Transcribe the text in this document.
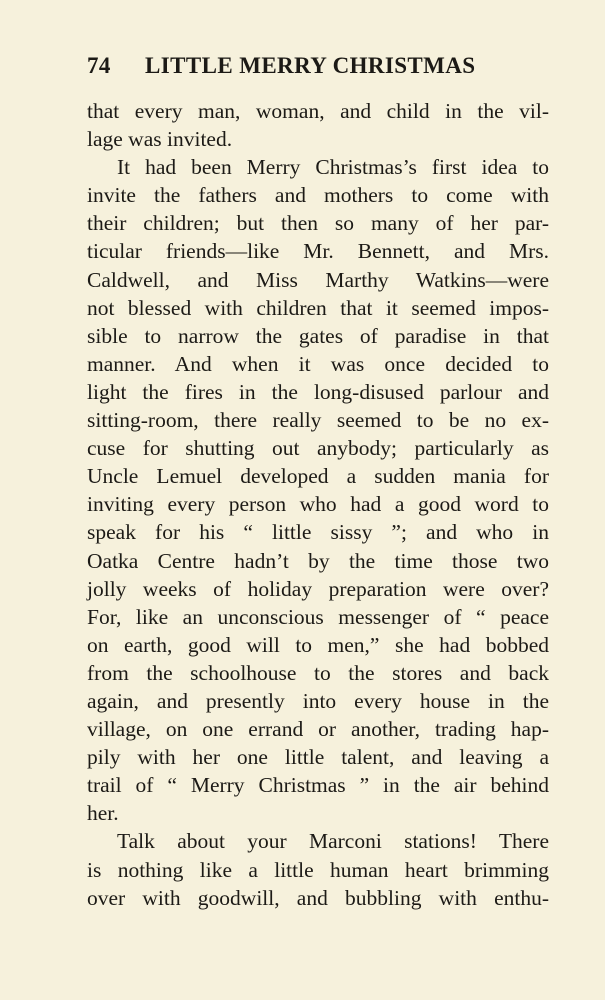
74 LITTLE MERRY CHRISTMAS
that every man, woman, and child in the vil-
lage was invited.
It had been Merry Christmas’s first idea to
invite the fathers and mothers to come with
their children; but then so many of her par-
ticular friends—like Mr. Bennett, and Mrs.
Caldwell, and Miss Marthy Watkins—were
not blessed with children that it seemed impos-
sible to narrow the gates of paradise in that
manner. And when it was once decided to
light the fires in the long-disused parlour and
sitting-room, there really seemed to be no ex-
cuse for shutting out anybody; particularly as
Uncle Lemuel developed a sudden mania for
inviting every person who had a good word to
speak for his “ little sissy ”; and who in
Oatka Centre hadn’t by the time those two
jolly weeks of holiday preparation were over?
For, like an unconscious messenger of “ peace
on earth, good will to men,” she had bobbed
from the schoolhouse to the stores and back
again, and presently into every house in the
village, on one errand or another, trading hap-
pily with her one little talent, and leaving a
trail of “ Merry Christmas ” in the air behind
her.
Talk about your Marconi stations! There
is nothing like a little human heart brimming
over with goodwill, and bubbling with enthu-
